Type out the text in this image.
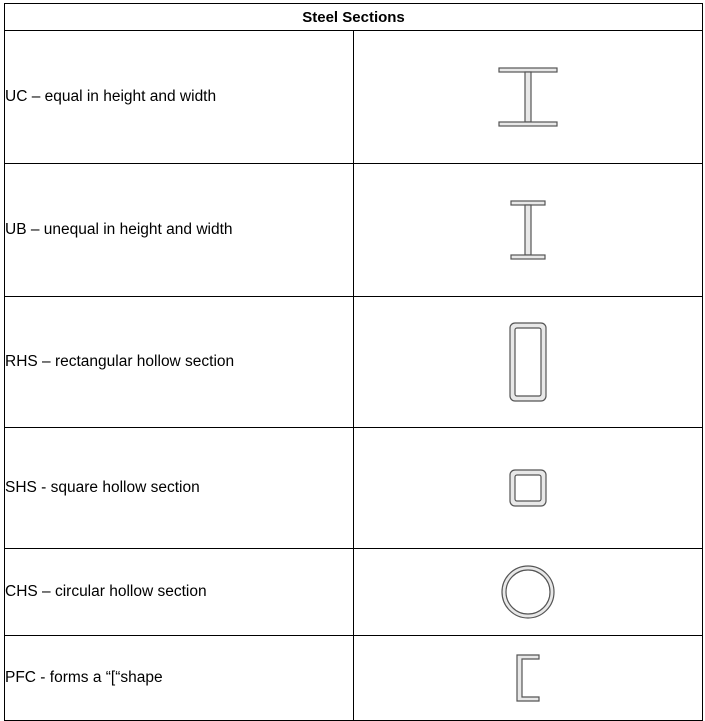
Steel Sections	
UC – equal in height and width	

UB – unequal in height and width	

RHS – rectangular hollow section	

SHS - square hollow section	

CHS – circular hollow section	

PFC - forms a “[“shape	
